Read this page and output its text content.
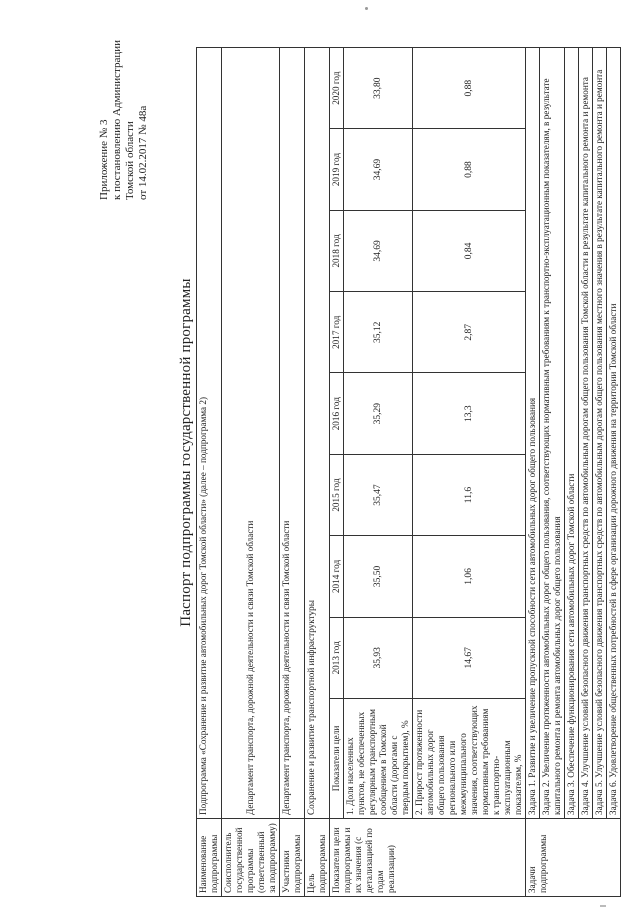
Приложение № 3 к постановлению Администрации Томской области от 14.02.2017 № 48а
Паспорт подпрограммы государственной программы
Наименование подпрограммы	Подпрограмма «Сохранение и развитие автомобильных дорог Томской области» (далее – подпрограмма 2)								
Соисполнитель государственной программы (ответственный за подпрограмму)	Департамент транспорта, дорожной деятельности и связи Томской области								
Участники подпрограммы	Департамент транспорта, дорожной деятельности и связи Томской области								
Цель подпрограммы	Сохранение и развитие транспортной инфраструктуры								
Показатели цели подпрограммы и их значения (с детализацией по годам реализации)	Показатели цели	2013 год	2014 год	2015 год	2016 год	2017 год	2018 год	2019 год	2020 год
	1. Доля населенных пунктов, не обеспеченных регулярным транспортным сообщением в Томской области (дорогами с твердым покрытием), %	35,93	35,50	35,47	35,29	35,12	34,69	34,69	33,80
	2. Прирост протяженности автомобильных дорог общего пользования регионального или межмуниципального значения, соответствующих нормативным требованиям к транспортно-эксплуатационным показателям, %	14,67	1,06	11,6	13,3	2,87	0,84	0,88	0,88
Задачи подпрограммы	Задача 1. Развитие и увеличение пропускной способности сети автомобильных дорог общего пользования								
	Задача 2. Увеличение протяженности автомобильных дорог общего пользования, соответствующих нормативным требованиям к транспортно-эксплуатационным показателям, в результате капитального ремонта и ремонта автомобильных дорог общего пользования								
	Задача 3. Обеспечение функционирования сети автомобильных дорог Томской области								
	Задача 4. Улучшение условий безопасного движения транспортных средств по автомобильным дорогам общего пользования Томской области в результате капитального ремонта и ремонта								
	Задача 5. Улучшение условий безопасного движения транспортных средств по автомобильным дорогам общего пользования местного значения в результате капитального ремонта и ремонта								
	Задача 6. Удовлетворение общественных потребностей в сфере организации дорожного движения на территории Томской области								
